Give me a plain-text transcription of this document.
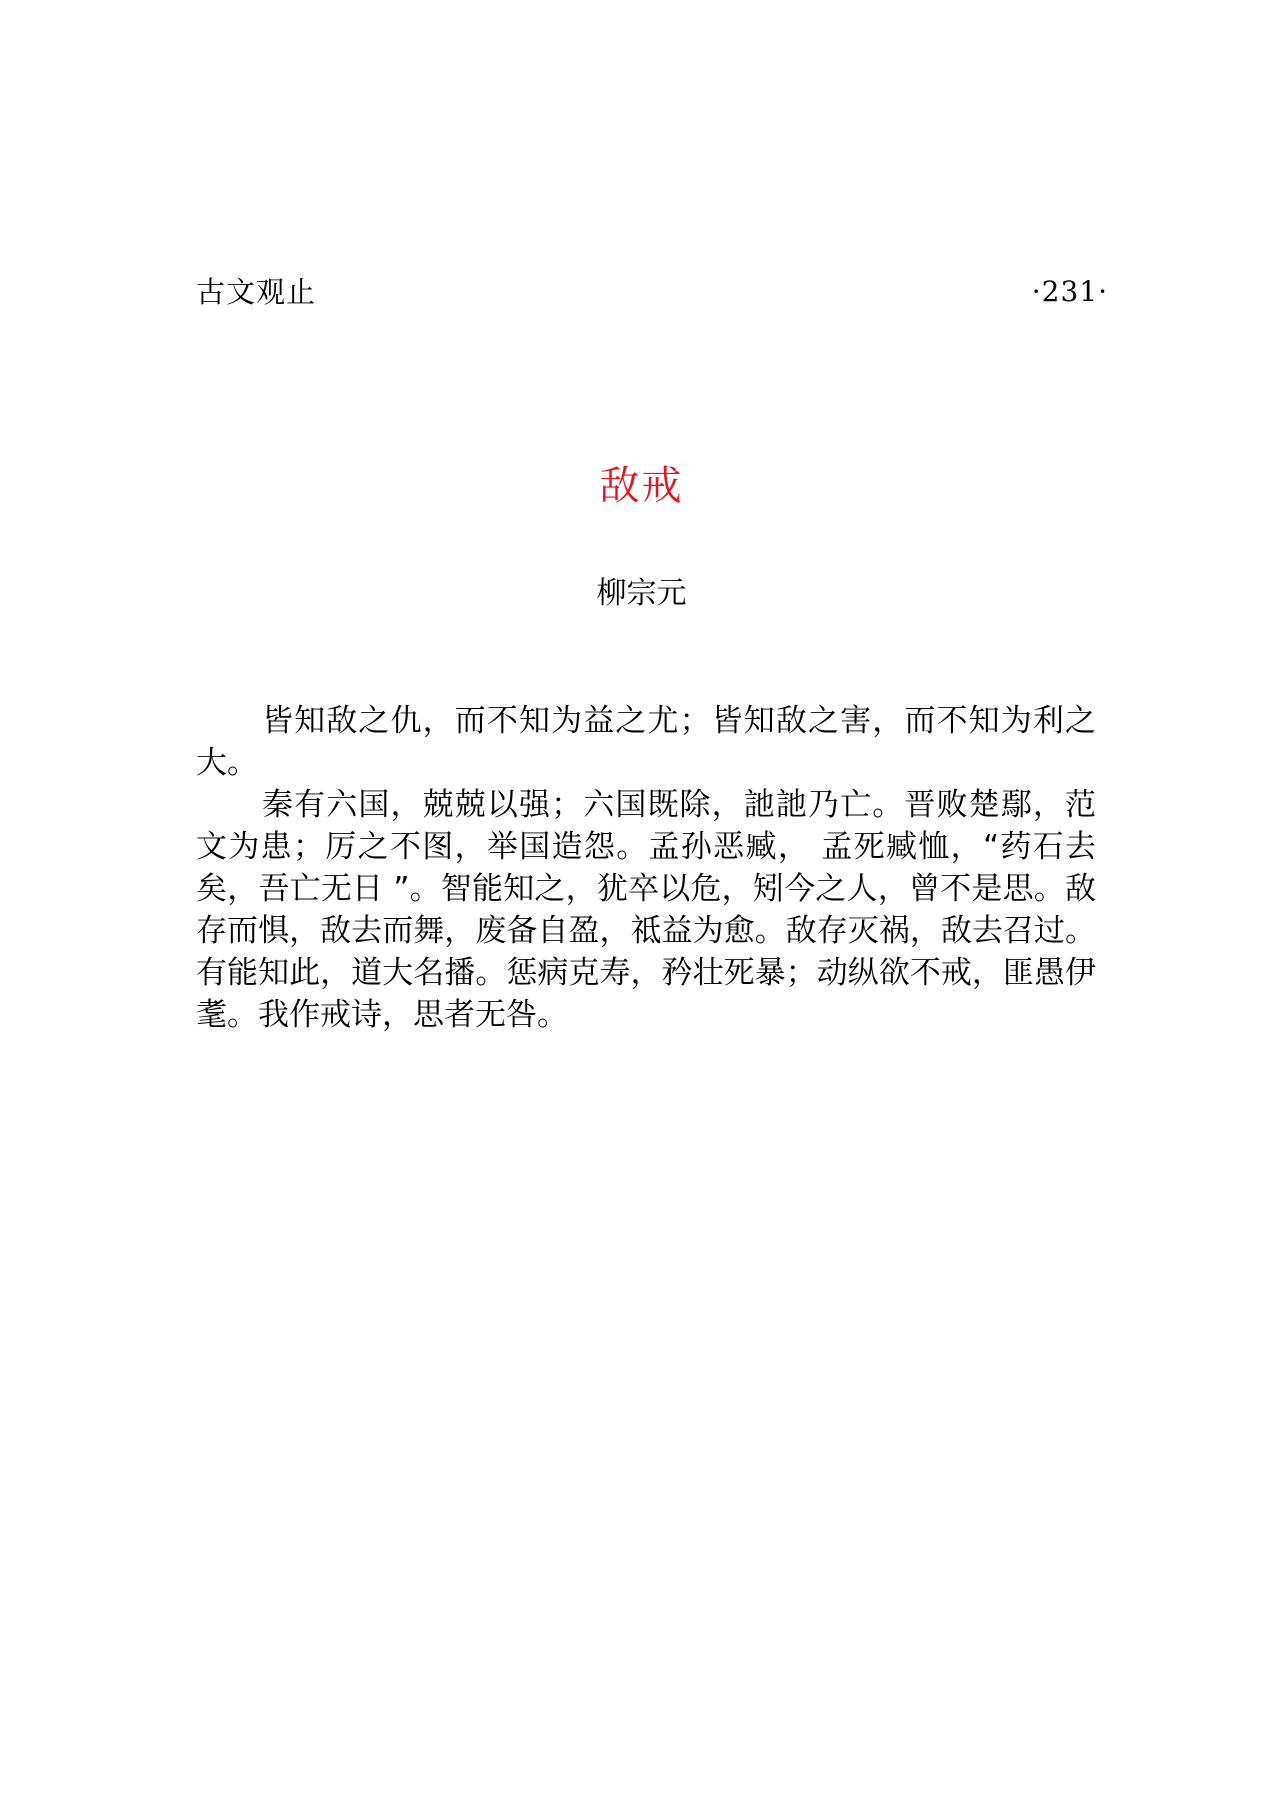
古文观止	·231·
敌戒
柳宗元

皆知敌之仇，而不知为益之尤；皆知敌之害，而不知为利之大。

秦有六国，兢兢以强；六国既除，訑訑乃亡。晋败楚鄢，范文为患；厉之不图，举国造怨。孟孙恶臧， 孟死臧恤，“药石去矣，吾亡无日 ”。智能知之，犹卒以危，矧今之人，曾不是思。敌存而惧，敌去而舞，废备自盈，祗益为愈。敌存灭祸，敌去召过。有能知此，道大名播。惩病克寿，矜壮死暴；动纵欲不戒，匪愚伊耄。我作戒诗，思者无咎。
